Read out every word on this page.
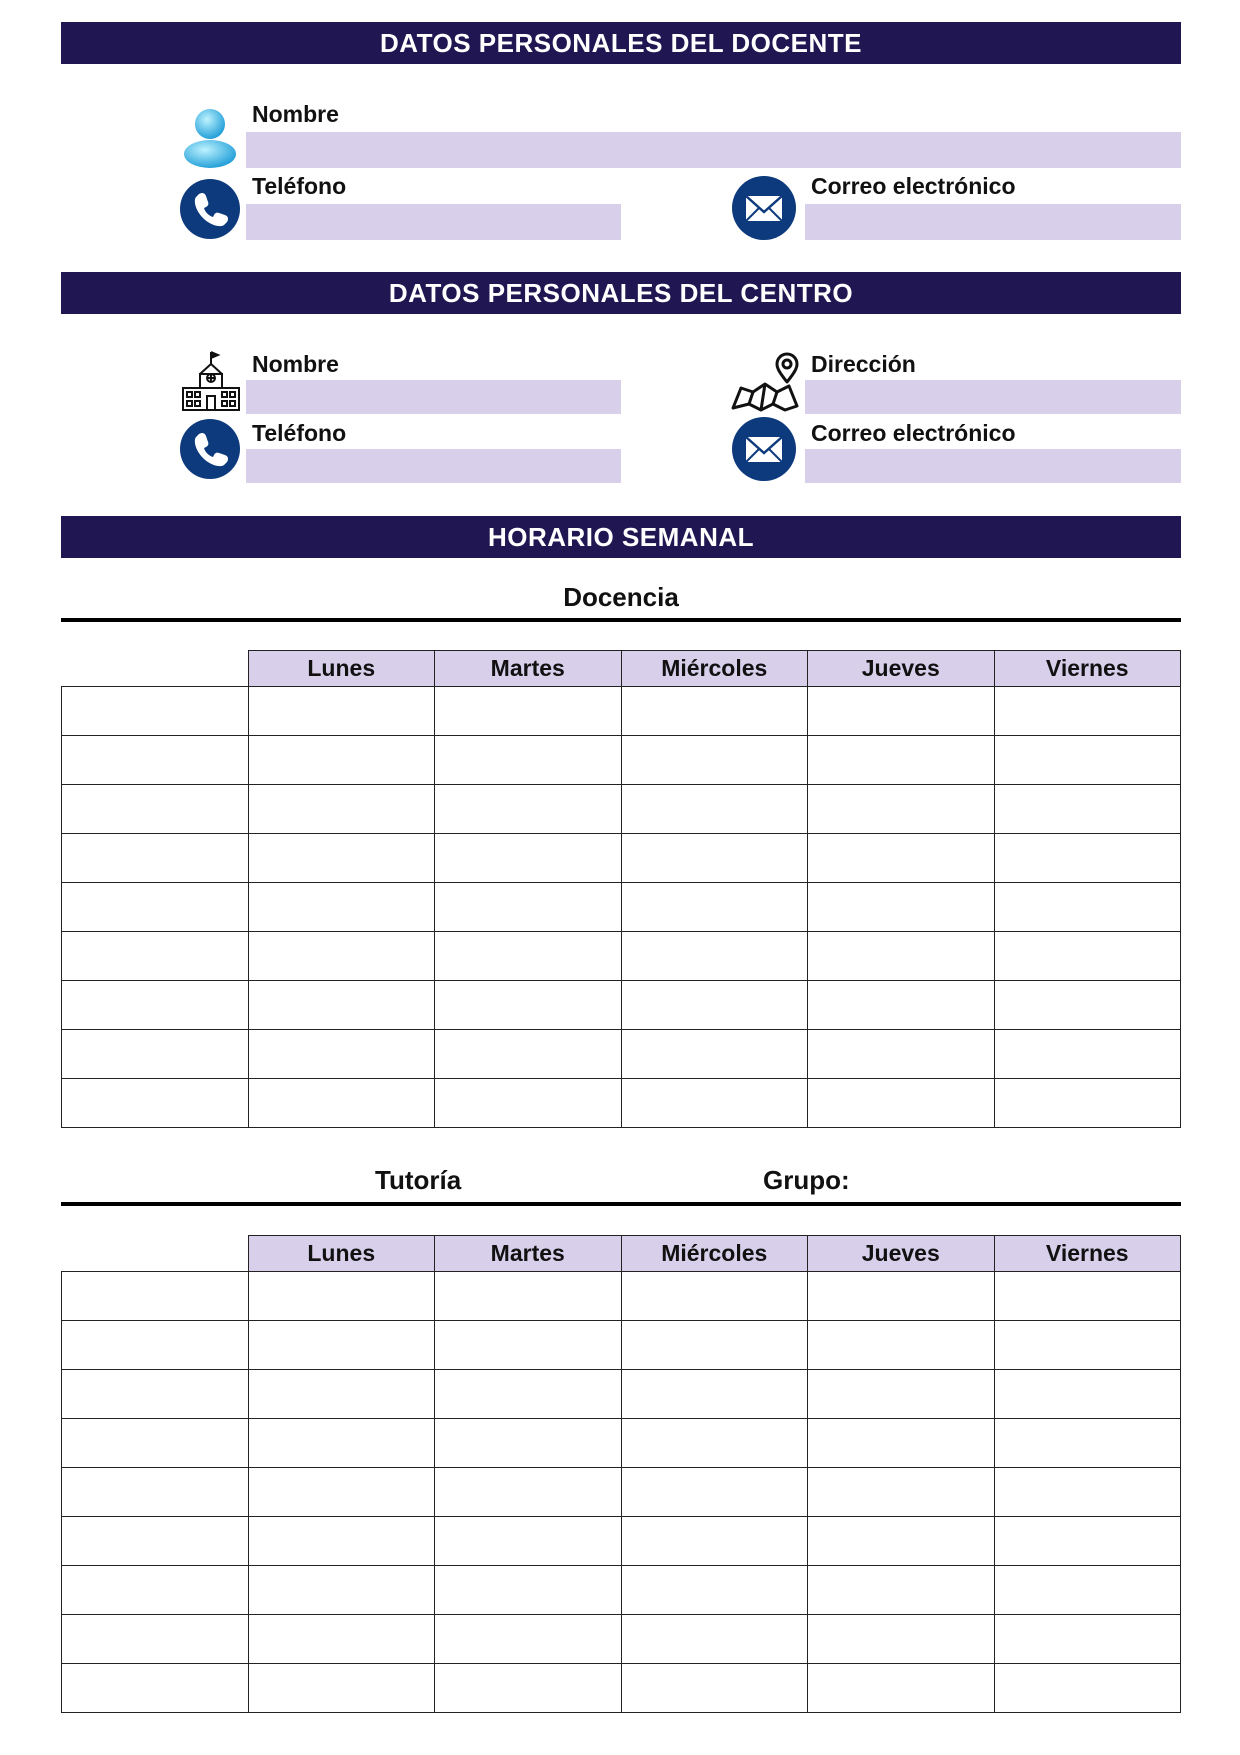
DATOS PERSONALES DEL DOCENTE
Nombre
Teléfono	Correo electrónico
DATOS PERSONALES DEL CENTRO
Nombre	Dirección
Teléfono	Correo electrónico
HORARIO SEMANAL
Docencia
	Lunes	Martes	Miércoles	Jueves	Viernes

Tutoría	Grupo:
	Lunes	Martes	Miércoles	Jueves	Viernes
